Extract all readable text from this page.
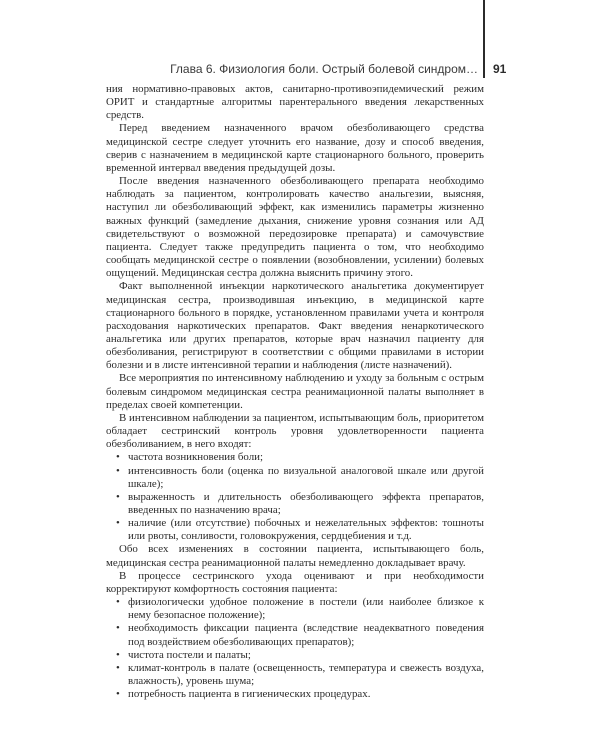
Глава 6. Физиология боли. Острый болевой синдром… 91

ния нормативно-правовых актов, санитарно-противоэпидемический режим ОРИТ и стандартные алгоритмы парентерального введения лекарственных средств.

Перед введением назначенного врачом обезболивающего средства медицинской сестре следует уточнить его название, дозу и способ введения, сверив с назначением в медицинской карте стационарного больного, проверить временной интервал введения предыдущей дозы.

После введения назначенного обезболивающего препарата необходимо наблюдать за пациентом, контролировать качество анальгезии, выясняя, наступил ли обезболивающий эффект, как изменились параметры жизненно важных функций (замедление дыхания, снижение уровня сознания или АД свидетельствуют о возможной передозировке препарата) и самочувствие пациента. Следует также предупредить пациента о том, что необходимо сообщать медицинской сестре о появлении (возобновлении, усилении) болевых ощущений. Медицинская сестра должна выяснить причину этого.

Факт выполненной инъекции наркотического анальгетика документирует медицинская сестра, производившая инъекцию, в медицинской карте стационарного больного в порядке, установленном правилами учета и контроля расходования наркотических препаратов. Факт введения ненаркотического анальгетика или других препаратов, которые врач назначил пациенту для обезболивания, регистрируют в соответствии с общими правилами в истории болезни и в листе интенсивной терапии и наблюдения (листе назначений).

Все мероприятия по интенсивному наблюдению и уходу за больным с острым болевым синдромом медицинская сестра реанимационной палаты выполняет в пределах своей компетенции.

В интенсивном наблюдении за пациентом, испытывающим боль, приоритетом обладает сестринский контроль уровня удовлетворенности пациента обезболиванием, в него входят:

• частота возникновения боли;
• интенсивность боли (оценка по визуальной аналоговой шкале или другой шкале);
• выраженность и длительность обезболивающего эффекта препаратов, введенных по назначению врача;
• наличие (или отсутствие) побочных и нежелательных эффектов: тошноты или рвоты, сонливости, головокружения, сердцебиения и т.д.

Обо всех изменениях в состоянии пациента, испытывающего боль, медицинская сестра реанимационной палаты немедленно докладывает врачу.

В процессе сестринского ухода оценивают и при необходимости корректируют комфортность состояния пациента:

• физиологически удобное положение в постели (или наиболее близкое к нему безопасное положение);
• необходимость фиксации пациента (вследствие неадекватного поведения под воздействием обезболивающих препаратов);
• чистота постели и палаты;
• климат-контроль в палате (освещенность, температура и свежесть воздуха, влажность), уровень шума;
• потребность пациента в гигиенических процедурах.
